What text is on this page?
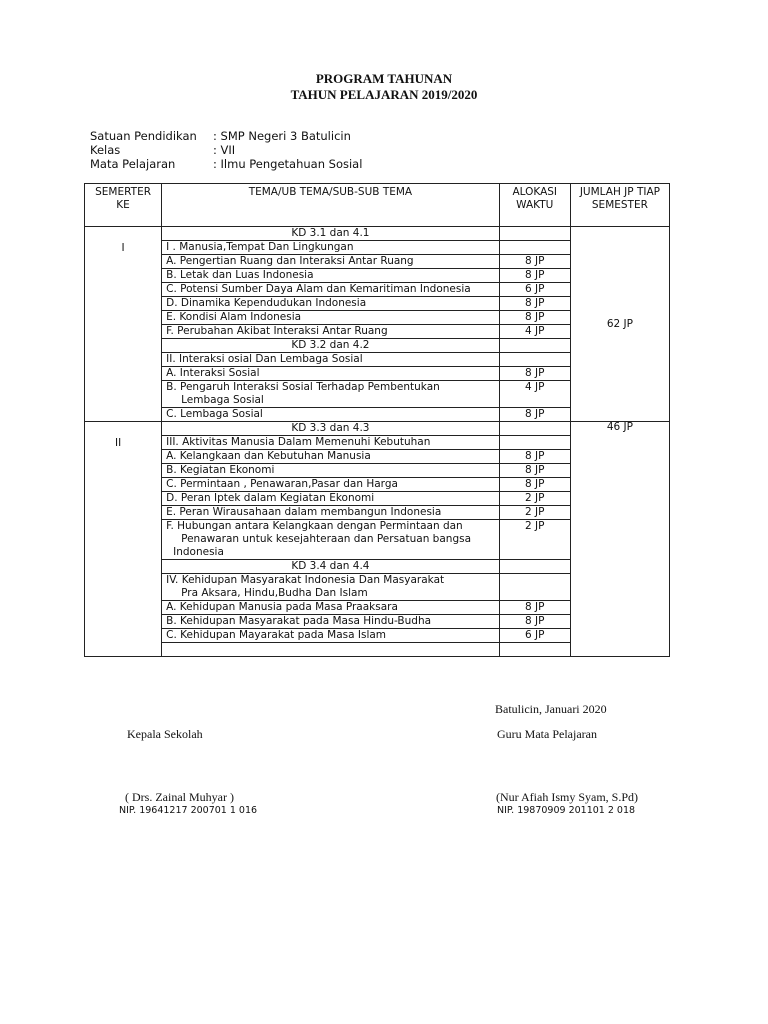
PROGRAM TAHUNAN
TAHUN PELAJARAN 2019/2020
Satuan Pendidikan	: SMP Negeri 3 Batulicin
Kelas	: VII
Mata Pelajaran	: Ilmu Pengetahuan Sosial
SEMERTER KE	TEMA/UB TEMA/SUB-SUB TEMA	ALOKASI WAKTU	JUMLAH JP TIAP SEMESTER

I	KD 3.1 dan 4.1		62 JP
	I . Manusia,Tempat Dan Lingkungan		
	A. Pengertian Ruang dan Interaksi Antar Ruang	8 JP	
	B. Letak dan Luas Indonesia	8 JP	
	C. Potensi Sumber Daya Alam dan Kemaritiman Indonesia	6 JP	
	D. Dinamika Kependudukan Indonesia	8 JP	
	E. Kondisi Alam Indonesia	8 JP	
	F. Perubahan Akibat Interaksi Antar Ruang	4 JP	
	KD 3.2 dan 4.2		
	II. Interaksi osial Dan Lembaga Sosial		
	A. Interaksi Sosial	8 JP	

	B. Pengaruh Interaksi Sosial Terhadap Pembentukan
Lembaga Sosial	4 JP	
	C. Lembaga Sosial	8 JP	

II	KD 3.3 dan 4.3		46 JP

	III. Aktivitas Manusia Dalam Memenuhi Kebutuhan		
	A. Kelangkaan dan Kebutuhan Manusia	8 JP	
	B. Kegiatan Ekonomi	8 JP	
	C. Permintaan , Penawaran,Pasar dan Harga	8 JP	
	D. Peran Iptek dalam Kegiatan Ekonomi	2 JP	
	E. Peran Wirausahaan dalam membangun Indonesia	2 JP	

	F. Hubungan antara Kelangkaan dengan Permintaan dan
Penawaran untuk kesejahteraan dan Persatuan bangsa
Indonesia	2 JP	
	KD 3.4 dan 4.4		

	IV. Kehidupan Masyarakat Indonesia Dan Masyarakat
Pra Aksara, Hindu,Budha Dan Islam		

	A. Kehidupan Manusia pada Masa Praaksara	8 JP	
	B. Kehidupan Masyarakat pada Masa Hindu-Budha	8 JP	
	C. Kehidupan Mayarakat pada Masa Islam	6 JP	

Batulicin, Januari 2020
Kepala Sekolah	Guru Mata Pelajaran
( Drs. Zainal Muhyar )	(Nur Afiah Ismy Syam, S.Pd)
NIP. 19641217 200701 1 016	NIP. 19870909 201101 2 018
